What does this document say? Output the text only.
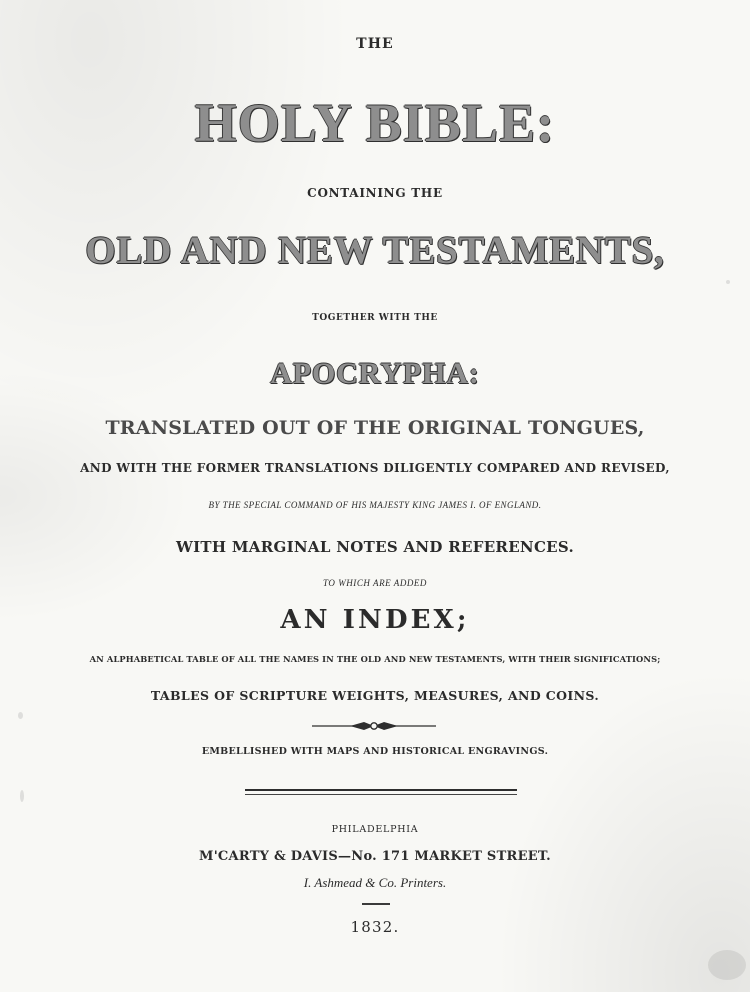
THE
HOLY BIBLE:
CONTAINING THE
OLD AND NEW TESTAMENTS,
TOGETHER WITH THE
APOCRYPHA:
TRANSLATED OUT OF THE ORIGINAL TONGUES,
AND WITH THE FORMER TRANSLATIONS DILIGENTLY COMPARED AND REVISED,
BY THE SPECIAL COMMAND OF HIS MAJESTY KING JAMES I. OF ENGLAND.
WITH MARGINAL NOTES AND REFERENCES.
TO WHICH ARE ADDED
AN INDEX;
AN ALPHABETICAL TABLE OF ALL THE NAMES IN THE OLD AND NEW TESTAMENTS, WITH THEIR SIGNIFICATIONS;
TABLES OF SCRIPTURE WEIGHTS, MEASURES, AND COINS.
EMBELLISHED WITH MAPS AND HISTORICAL ENGRAVINGS.
PHILADELPHIA
M'CARTY & DAVIS—No. 171 MARKET STREET.
I. Ashmead & Co. Printers.
1832.
